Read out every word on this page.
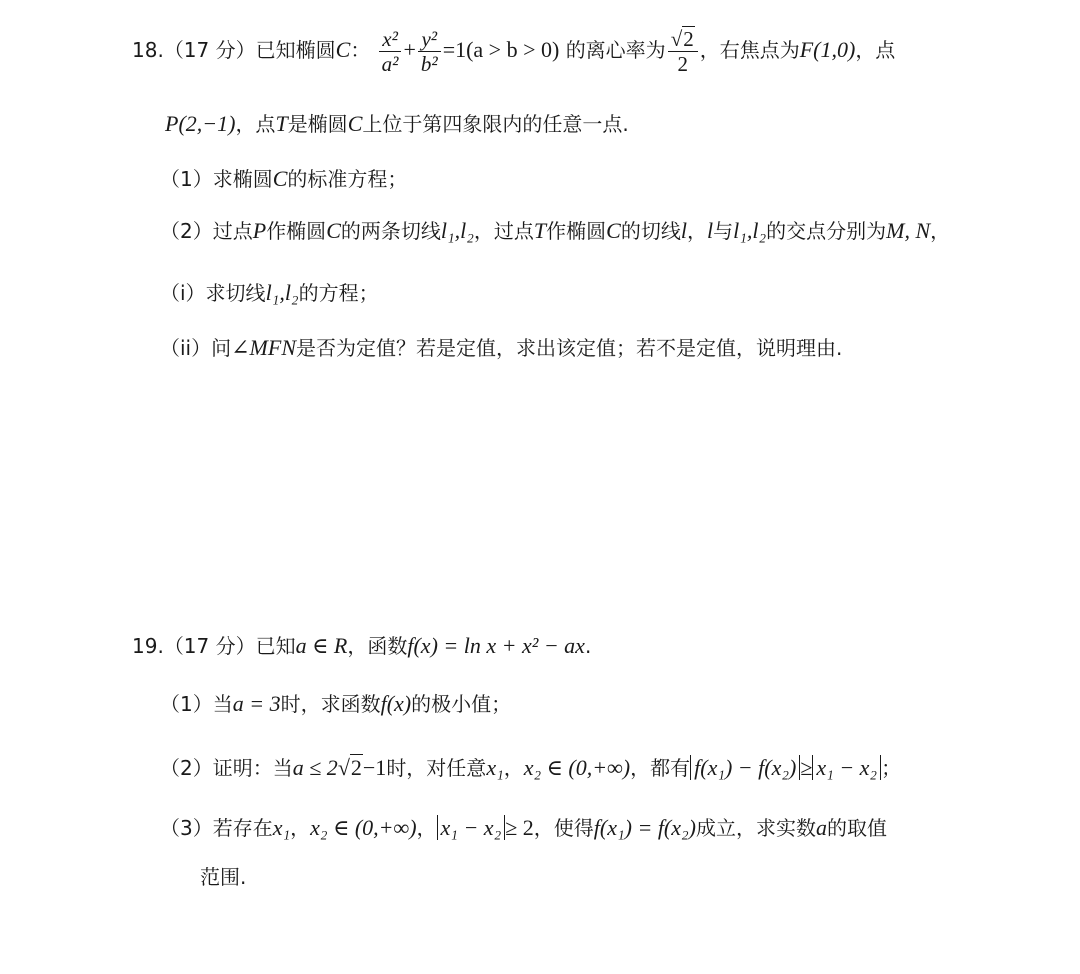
18.（17 分）已知椭圆C： $\frac{\text{x²}}{\text{a²}} + \frac{\text{y²}}{\text{b²}} =1(a > b > 0)$ 的离心率为 $\frac{√2}{2}$ ，右焦点为F(1,0)，点
P(2,−1)，点T是椭圆C上位于第四象限内的任意一点.
（1）求椭圆C的标准方程；
（2）过点P作椭圆C的两条切线l₁,l₂，过点T作椭圆C的切线l，l与l₁,l₂的交点分别为M, N，
（i）求切线l₁,l₂的方程；
（ii）问∠MFN是否为定值？若是定值，求出该定值；若不是定值，说明理由.
19.（17 分）已知a ∈ R，函数f(x) = ln x + x² − ax.
（1）当a = 3时，求函数f(x)的极小值；
（2）证明：当a ≤ 2√2−1时，对任意x₁，x₂ ∈ (0,+∞)，都有 f(x₁) − f(x₂) ≥ x₁ − x₂ ；
（3）若存在x₁，x₂ ∈ (0,+∞)， x₁ − x₂ ≥ 2，使得f(x₁) = f(x₂)成立，求实数a的取值
范围.
